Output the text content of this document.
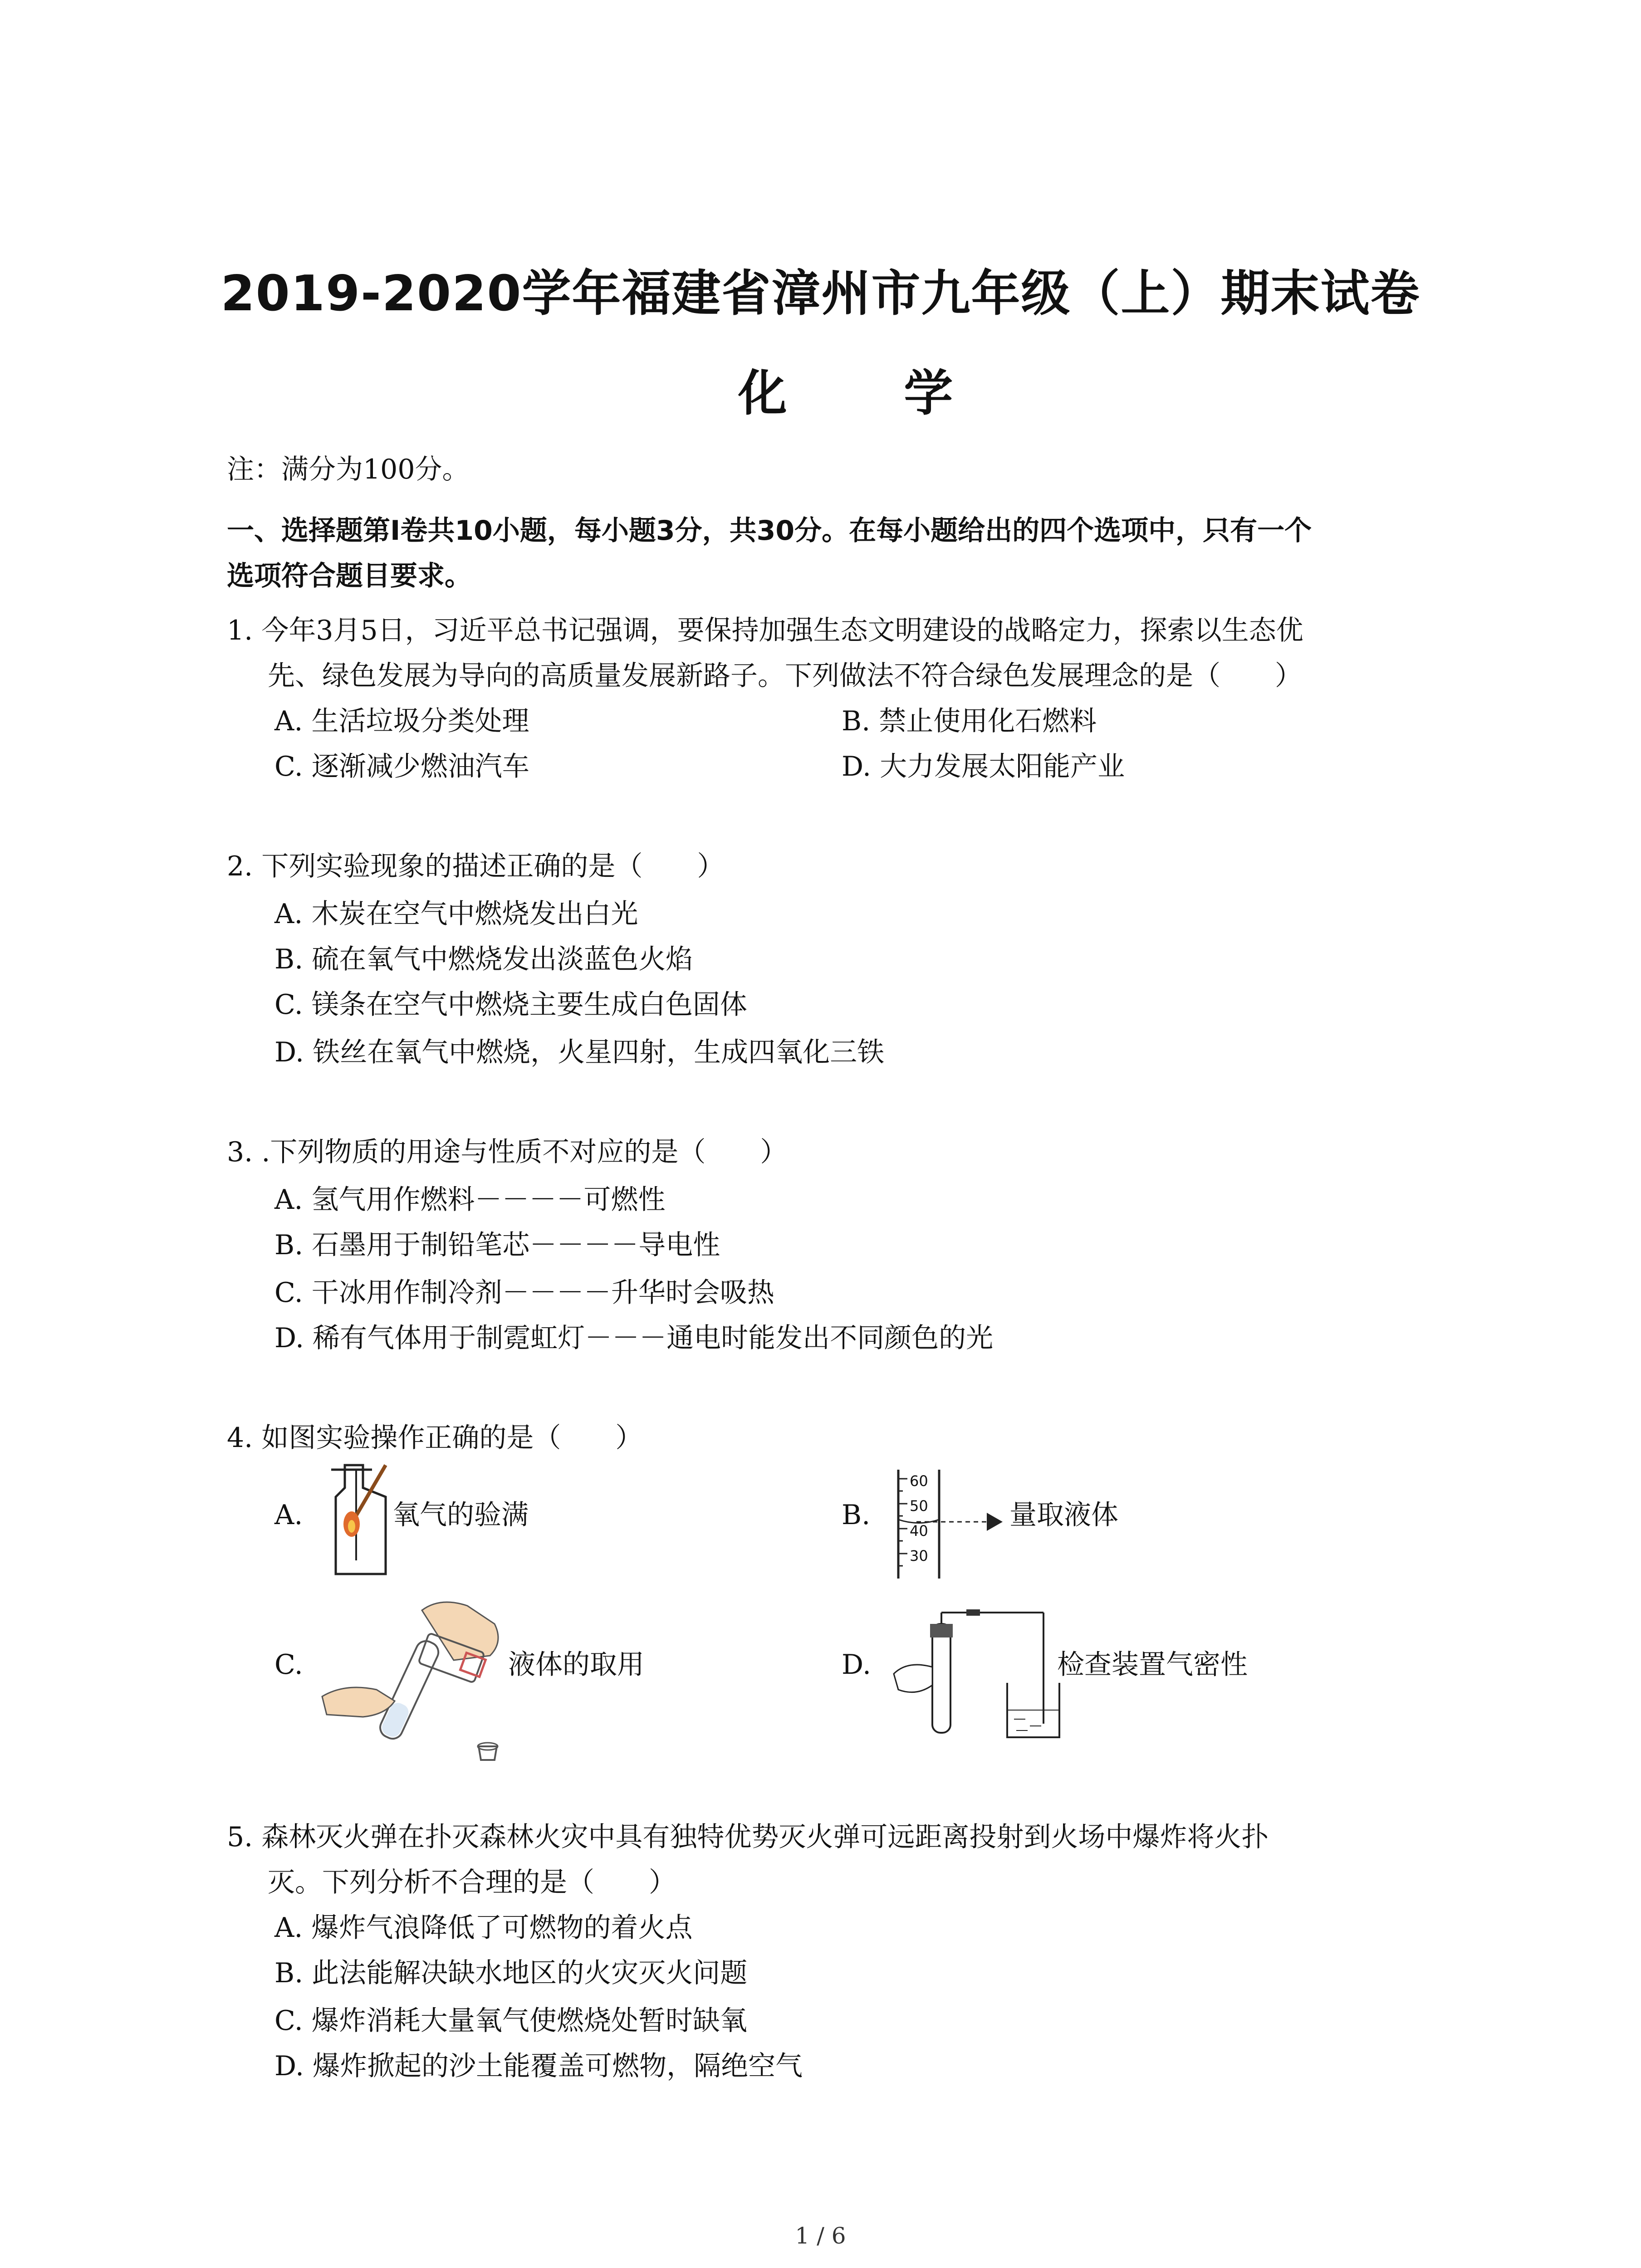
2019-2020学年福建省漳州市九年级（上）期末试卷
化 学
注：满分为100分。
一、选择题第Ⅰ卷共10小题，每小题3分，共30分。在每小题给出的四个选项中，只有一个
选项符合题目要求。
1. 今年3月5日，习近平总书记强调，要保持加强生态文明建设的战略定力，探索以生态优
先、绿色发展为导向的高质量发展新路子。下列做法不符合绿色发展理念的是（　　）
A. 生活垃圾分类处理	B. 禁止使用化石燃料
C. 逐渐减少燃油汽车	D. 大力发展太阳能产业
2. 下列实验现象的描述正确的是（　　）
A. 木炭在空气中燃烧发出白光
B. 硫在氧气中燃烧发出淡蓝色火焰
C. 镁条在空气中燃烧主要生成白色固体
D. 铁丝在氧气中燃烧，火星四射，生成四氧化三铁
3. .下列物质的用途与性质不对应的是（　　）
A. 氢气用作燃料－－－－可燃性
B. 石墨用于制铅笔芯－－－－导电性
C. 干冰用作制冷剂－－－－升华时会吸热
D. 稀有气体用于制霓虹灯－－－通电时能发出不同颜色的光
4. 如图实验操作正确的是（　　）
A.	氧气的验满	B.
60
50
40
30
量取液体
C.	液体的取用	D.	检查装置气密性
5. 森林灭火弹在扑灭森林火灾中具有独特优势灭火弹可远距离投射到火场中爆炸将火扑
灭。下列分析不合理的是（　　）
A. 爆炸气浪降低了可燃物的着火点
B. 此法能解决缺水地区的火灾灭火问题
C. 爆炸消耗大量氧气使燃烧处暂时缺氧
D. 爆炸掀起的沙土能覆盖可燃物，隔绝空气
1 / 6
